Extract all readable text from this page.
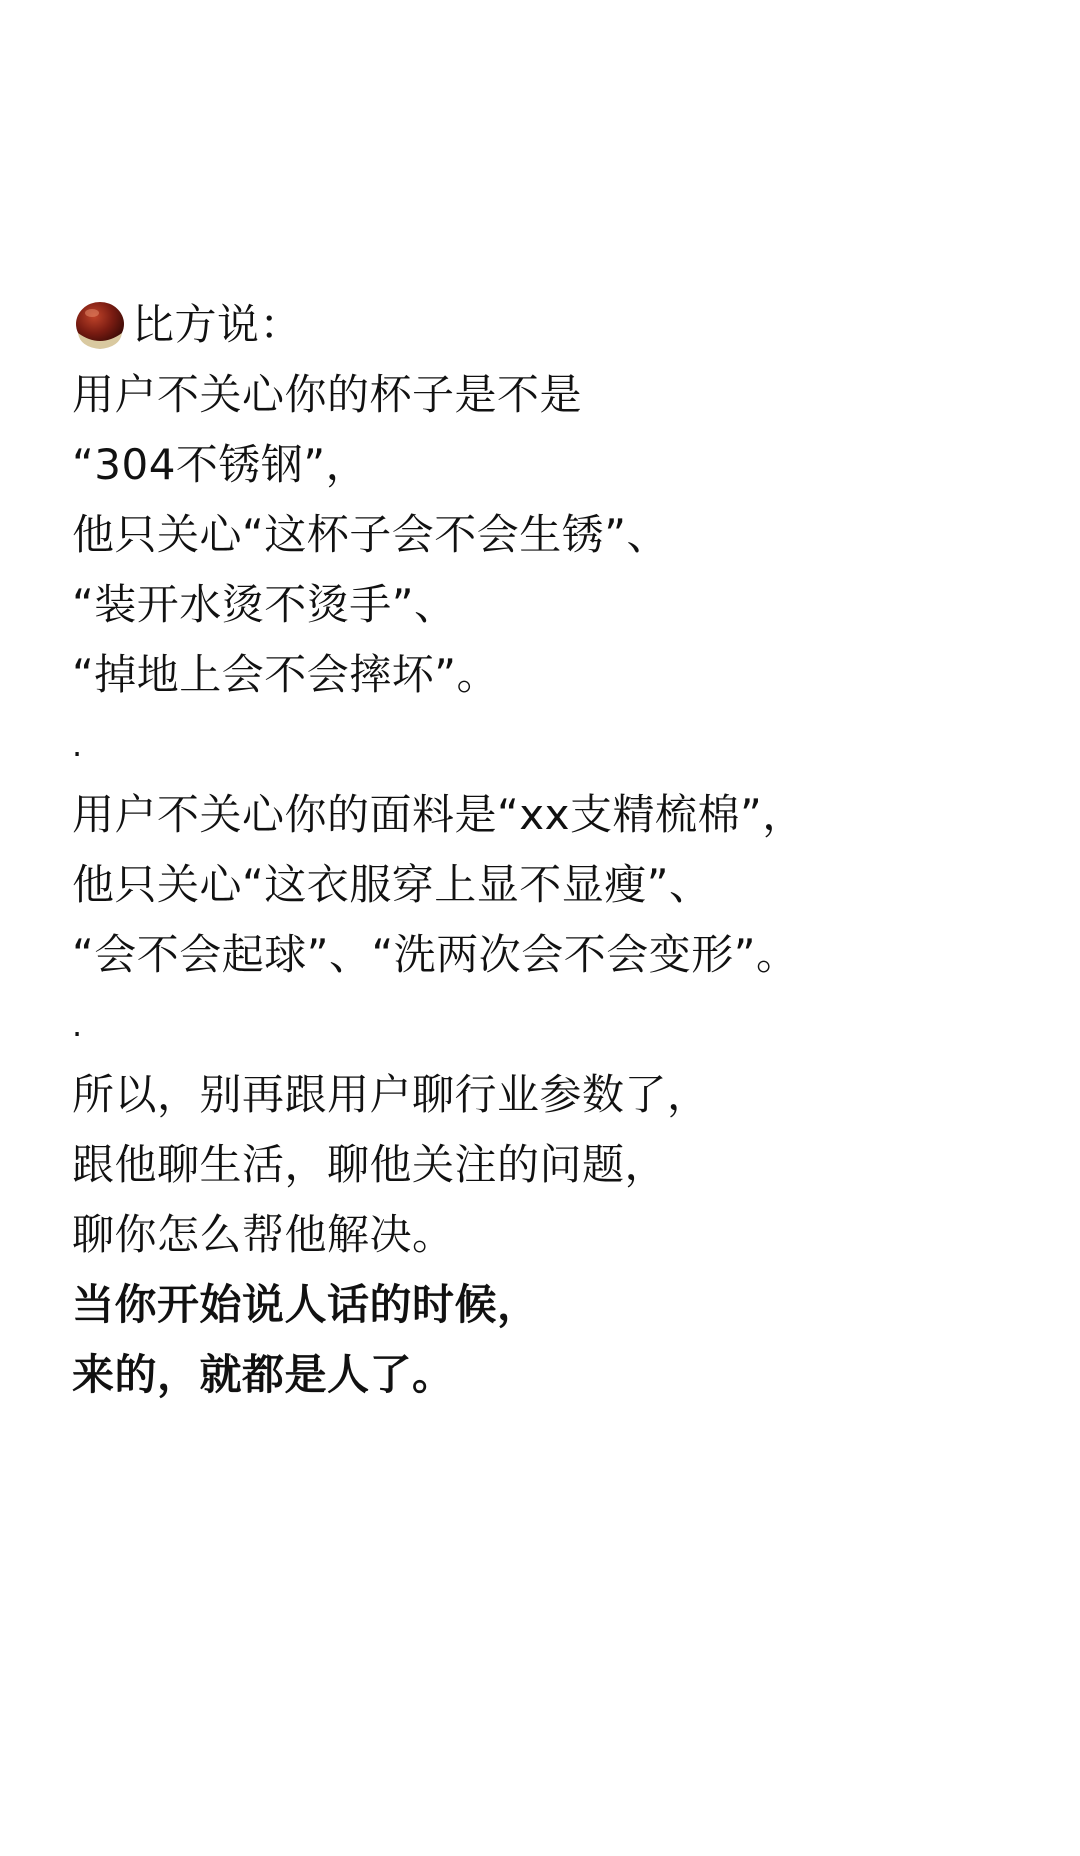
比方说：
用户不关心你的杯子是不是
“304不锈钢”，
他只关心“这杯子会不会生锈”、
“装开水烫不烫手”、
“掉地上会不会摔坏”。
.
用户不关心你的面料是“xx支精梳棉”，
他只关心“这衣服穿上显不显瘦”、
“会不会起球”、“洗两次会不会变形”。
.
所以，别再跟用户聊行业参数了，
跟他聊生活，聊他关注的问题，
聊你怎么帮他解决。
当你开始说人话的时候，
来的，就都是人了。
